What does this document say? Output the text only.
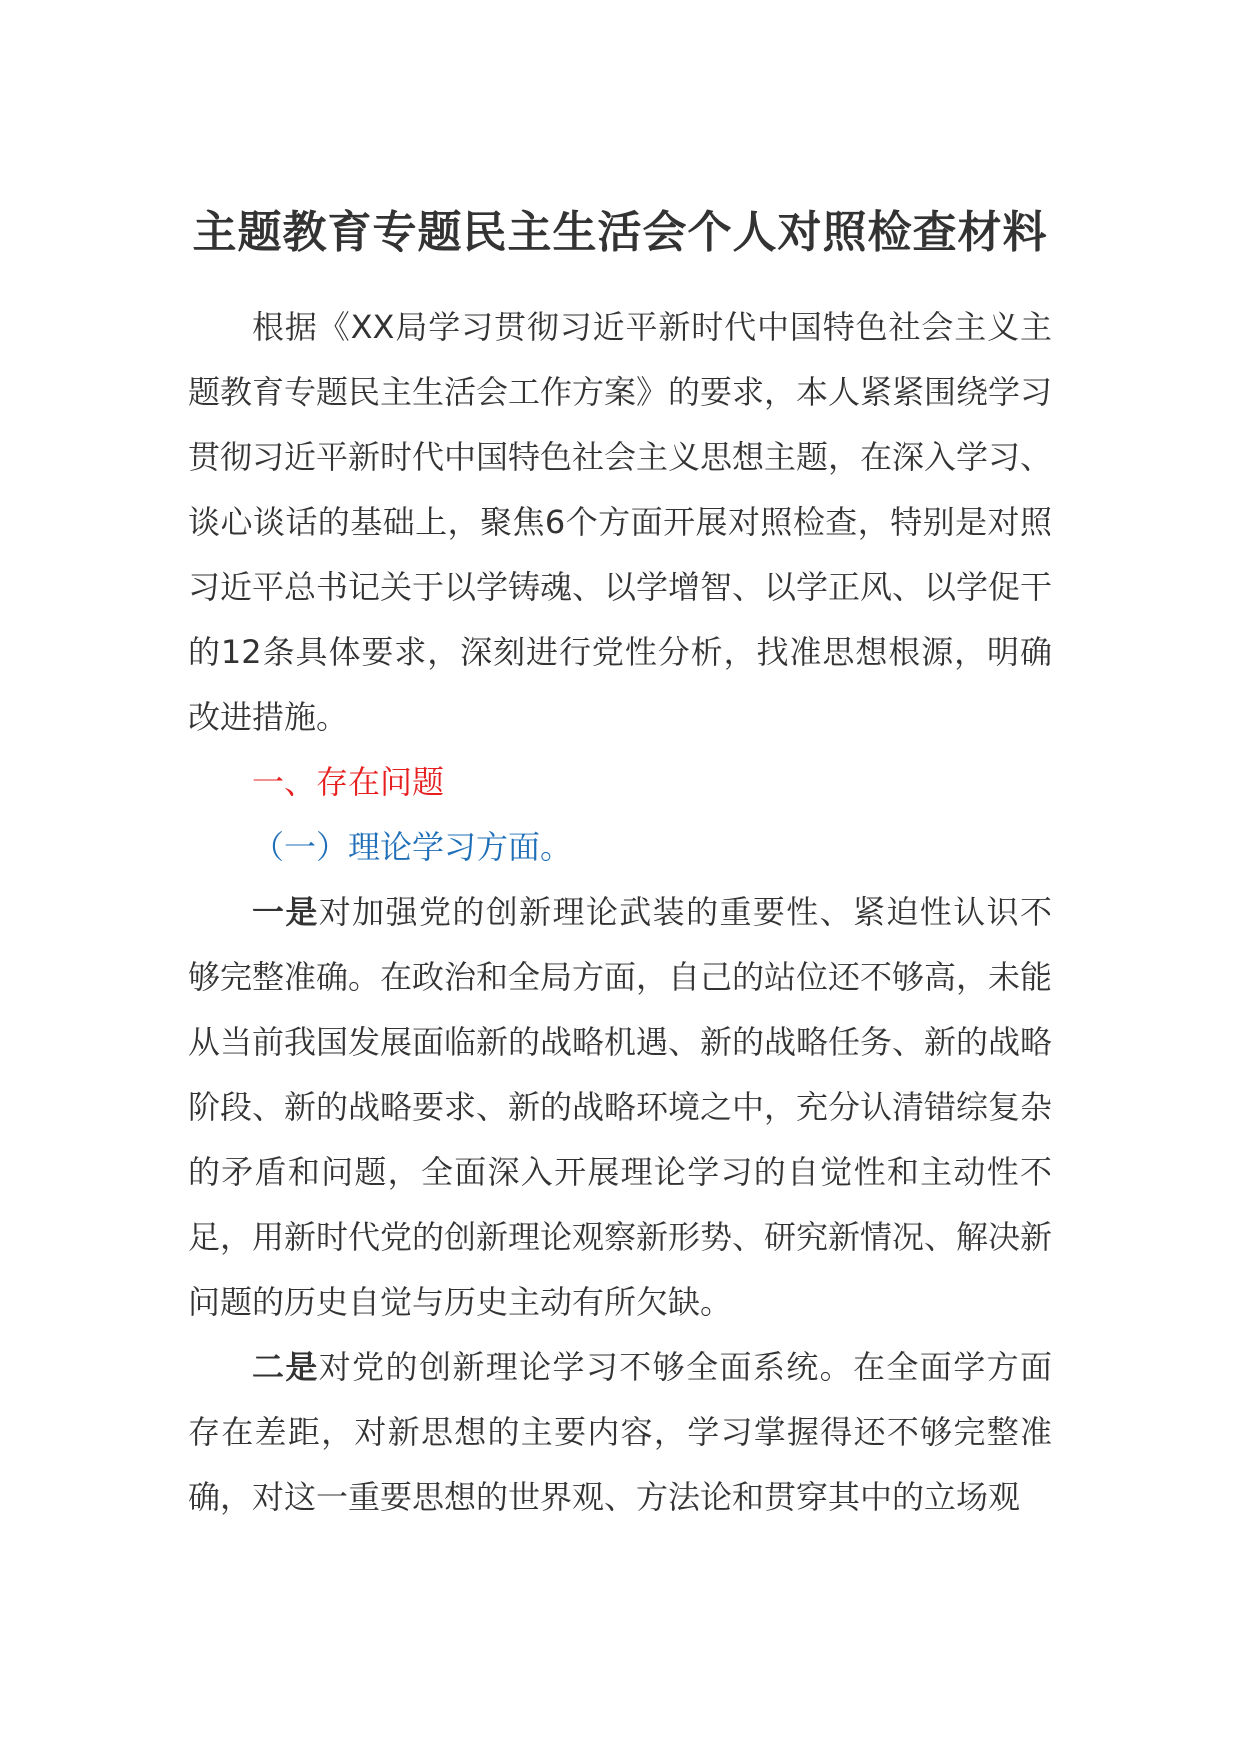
主题教育专题民主生活会个人对照检查材料

根据《XX局学习贯彻习近平新时代中国特色社会主义主题教育专题民主生活会工作方案》的要求，本人紧紧围绕学习贯彻习近平新时代中国特色社会主义思想主题，在深入学习、谈心谈话的基础上，聚焦6个方面开展对照检查，特别是对照习近平总书记关于以学铸魂、以学增智、以学正风、以学促干的12条具体要求，深刻进行党性分析，找准思想根源，明确改进措施。

一、存在问题

（一）理论学习方面。

一是对加强党的创新理论武装的重要性、紧迫性认识不够完整准确。在政治和全局方面，自己的站位还不够高，未能从当前我国发展面临新的战略机遇、新的战略任务、新的战略阶段、新的战略要求、新的战略环境之中，充分认清错综复杂的矛盾和问题，全面深入开展理论学习的自觉性和主动性不足，用新时代党的创新理论观察新形势、研究新情况、解决新问题的历史自觉与历史主动有所欠缺。

二是对党的创新理论学习不够全面系统。在全面学方面存在差距，对新思想的主要内容，学习掌握得还不够完整准确，对这一重要思想的世界观、方法论和贯穿其中的立场观
